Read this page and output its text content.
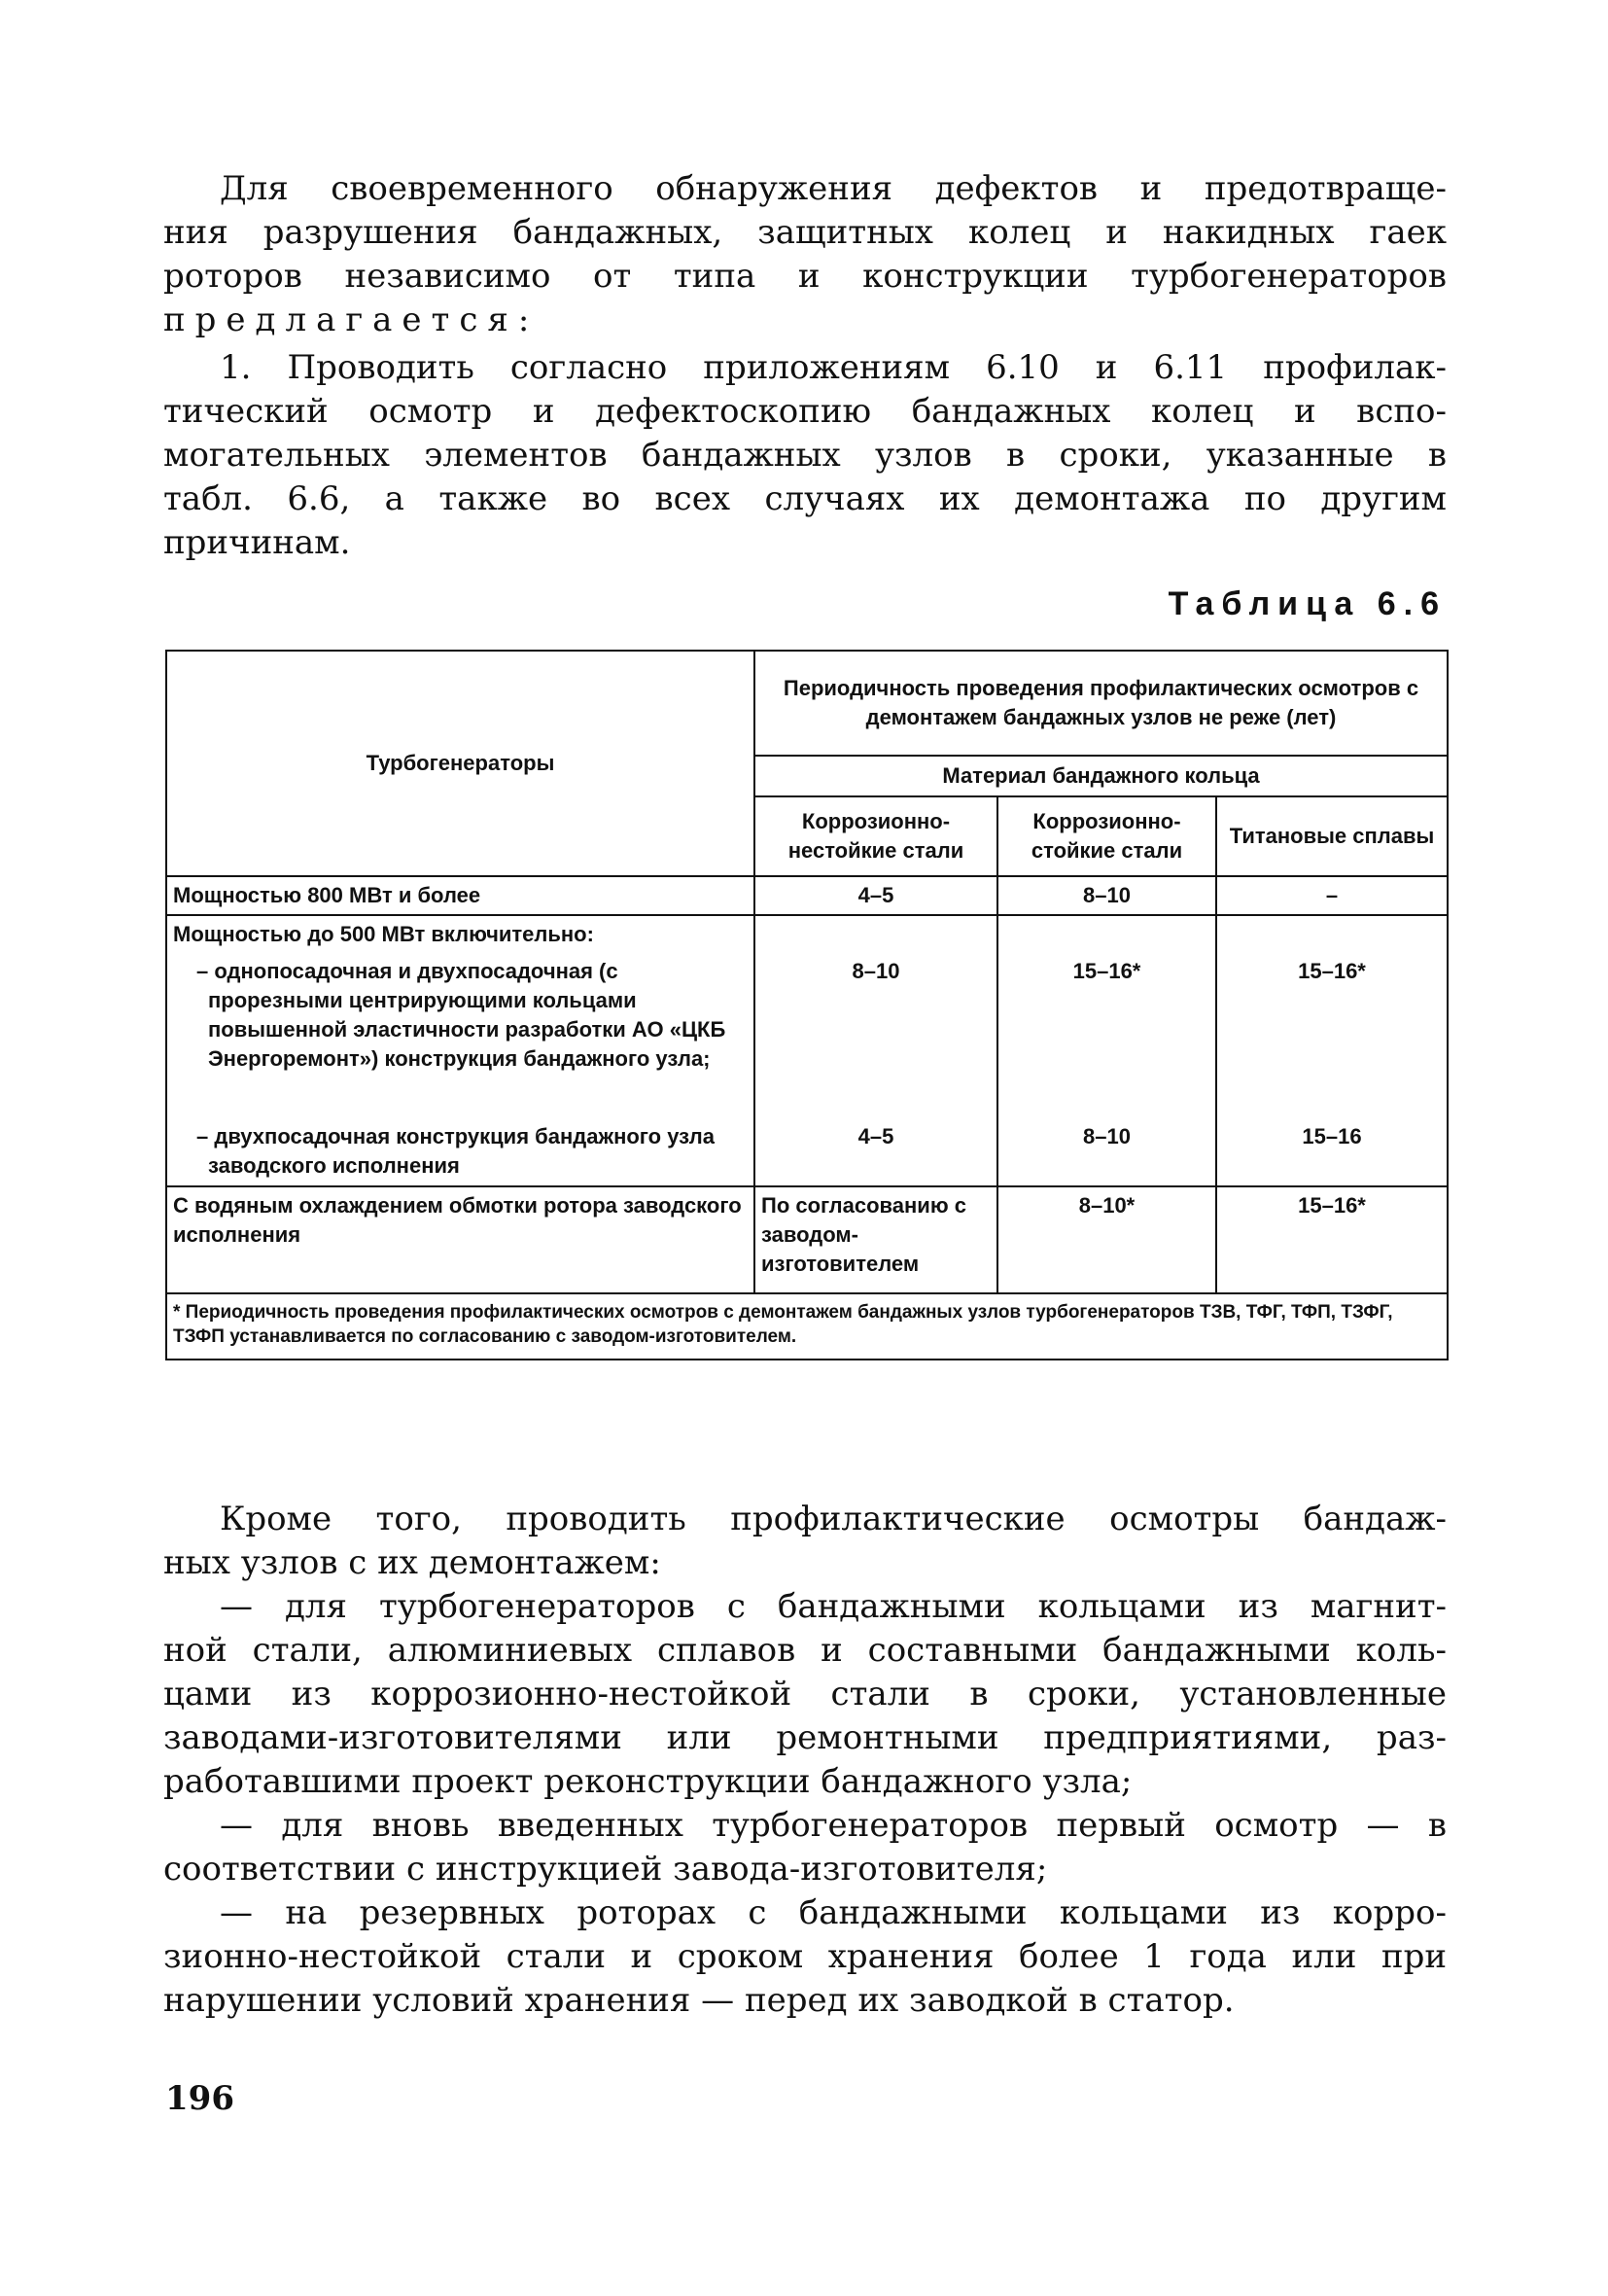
Для своевременного обнаружения дефектов и предотвраще-
ния разрушения бандажных, защитных колец и накидных гаек
роторов независимо от типа и конструкции турбогенераторов
предлагается:
1. Проводить согласно приложениям 6.10 и 6.11 профилак-
тический осмотр и дефектоскопию бандажных колец и вспо-
могательных элементов бандажных узлов в сроки, указанные в
табл. 6.6, а также во всех случаях их демонтажа по другим
причинам.
Таблица 6.6
Турбогенераторы	Периодичность проведения профилактических осмотров с демонтажем бандажных узлов не реже (лет)		
	Материал бандажного кольца		
	Коррозионно-нестойкие стали	Коррозионно-стойкие стали	Титановые сплавы
Мощностью 800 МВт и более	4–5	8–10	–
Мощностью до 500 МВт включительно:			
– однопосадочная и двухпосадочная (с прорезными центрирующими кольцами повышенной эластичности разработки АО «ЦКБ Энергоремонт») конструкция бандажного узла;	8–10	15–16*	15–16*
– двухпосадочная конструкция бандажного узла заводского исполнения	4–5	8–10	15–16
С водяным охлаждением обмотки ротора заводского исполнения	По согласованию с заводом-изготовителем	8–10*	15–16*
* Периодичность проведения профилактических осмотров с демонтажем бандажных узлов турбогенераторов ТЗВ, ТФГ, ТФП, ТЗФГ, ТЗФП устанавливается по согласованию с заводом-изготовителем.			
Кроме того, проводить профилактические осмотры бандаж-
ных узлов с их демонтажем:
— для турбогенераторов с бандажными кольцами из магнит-
ной стали, алюминиевых сплавов и составными бандажными коль-
цами из коррозионно-нестойкой стали в сроки, установленные
заводами-изготовителями или ремонтными предприятиями, раз-
работавшими проект реконструкции бандажного узла;
— для вновь введенных турбогенераторов первый осмотр — в
соответствии с инструкцией завода-изготовителя;
— на резервных роторах с бандажными кольцами из корро-
зионно-нестойкой стали и сроком хранения более 1 года или при
нарушении условий хранения — перед их заводкой в статор.
196
